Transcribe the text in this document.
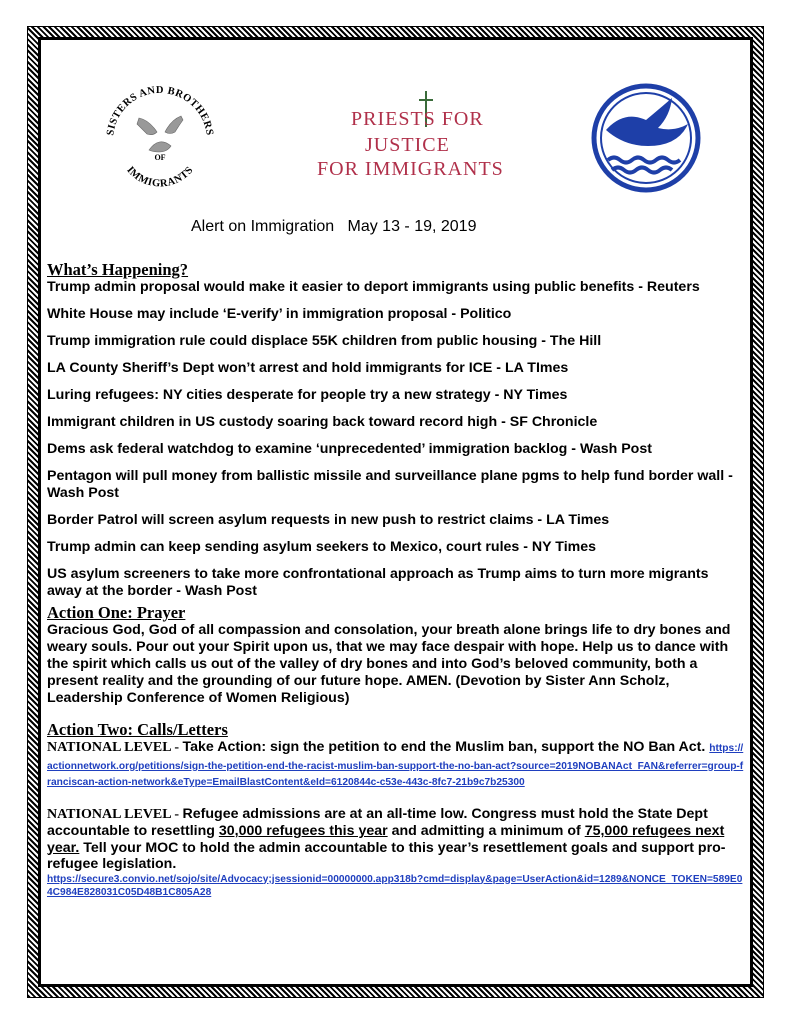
SISTERS AND BROTHERS
OF
IMMIGRANTS
PRIESTS FOR
JUSTICE
FOR IMMIGRANTS
Alert on Immigration   May 13 - 19, 2019
What’s Happening?
Trump admin proposal would make it easier to deport immigrants using public benefits - Reuters
White House may include ‘E-verify’ in immigration proposal - Politico
Trump immigration rule could displace 55K children from public housing - The Hill
LA County Sheriff’s Dept won’t arrest and hold immigrants for ICE - LA TImes
Luring refugees: NY cities desperate for people try a new strategy - NY Times
Immigrant children in US custody soaring back toward record high - SF Chronicle
Dems ask federal watchdog to examine ‘unprecedented’ immigration backlog - Wash Post
Pentagon will pull money from ballistic missile and surveillance plane pgms to help fund border wall - Wash Post
Border Patrol will screen asylum requests in new push to restrict claims - LA Times
Trump admin can keep sending asylum seekers to Mexico, court rules - NY Times
US asylum screeners to take more confrontational approach as Trump aims to turn more migrants away at the border - Wash Post
Action One: Prayer
Gracious God, God of all compassion and consolation, your breath alone brings life to dry bones and weary souls. Pour out your Spirit upon us, that we may face despair with hope. Help us to dance with the spirit which calls us out of the valley of dry bones and into God’s beloved community, both a present reality and the grounding of our future hope. AMEN. (Devotion by Sister Ann Scholz, Leadership Conference of Women Religious)
Action Two: Calls/Letters
NATIONAL LEVEL - Take Action: sign the petition to end the Muslim ban, support the NO Ban Act. https://actionnetwork.org/petitions/sign-the-petition-end-the-racist-muslim-ban-support-the-no-ban-act?source=2019NOBANAct_FAN&referrer=group-franciscan-action-network&eType=EmailBlastContent&eId=6120844c-c53e-443c-8fc7-21b9c7b25300
NATIONAL LEVEL - Refugee admissions are at an all-time low. Congress must hold the State Dept accountable to resettling 30,000 refugees this year and admitting a minimum of 75,000 refugees next year. Tell your MOC to hold the admin accountable to this year’s resettlement goals and support pro-refugee legislation.
https://secure3.convio.net/sojo/site/Advocacy;jsessionid=00000000.app318b?cmd=display&page=UserAction&id=1289&NONCE_TOKEN=589E04C984E828031C05D48B1C805A28
